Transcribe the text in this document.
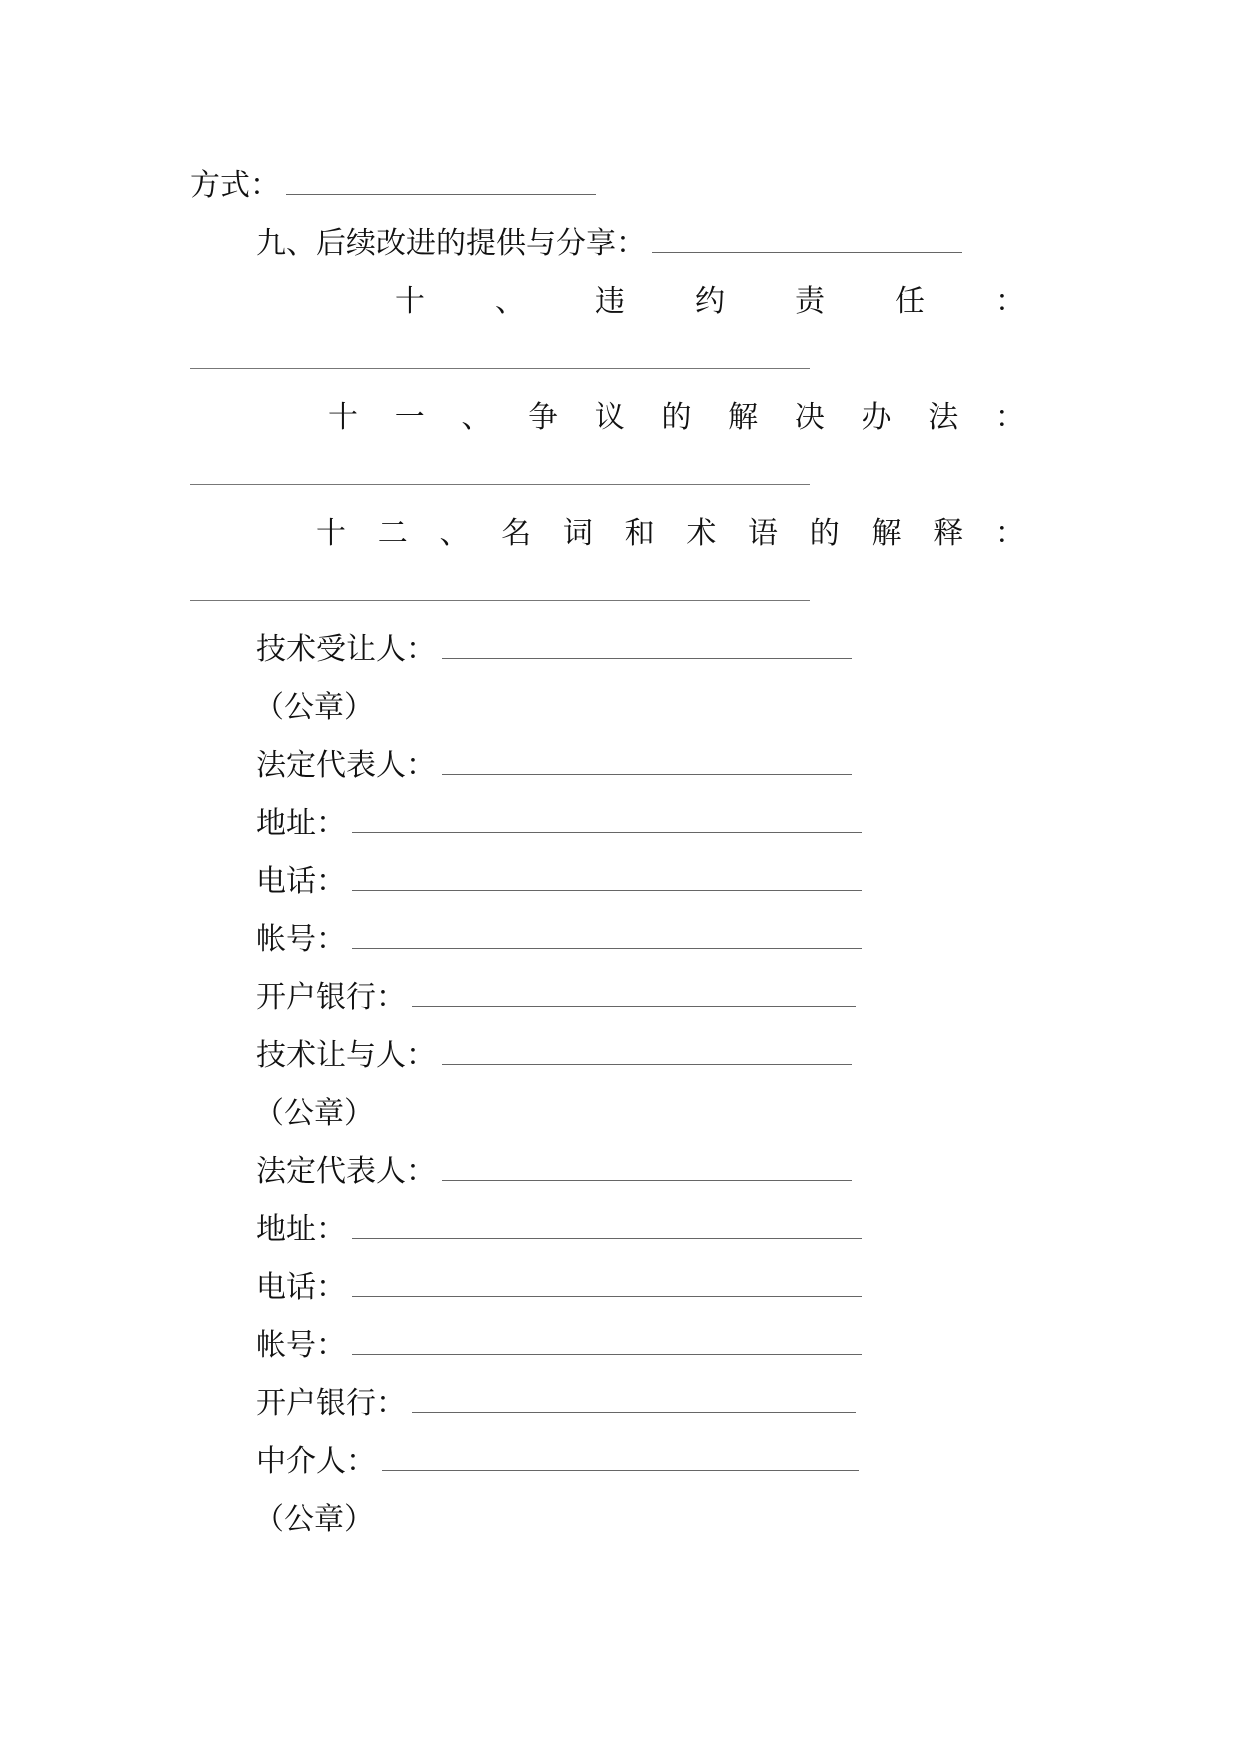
方式：
九、后续改进的提供与分享：
十 、 违 约 责 任 ：
十 一 、 争 议 的 解 决 办 法 ：
十 二 、 名 词 和 术 语 的 解 释 ：
技术受让人：
（公章）
法定代表人：
地址：
电话：
帐号：
开户银行：
技术让与人：
（公章）
法定代表人：
地址：
电话：
帐号：
开户银行：
中介人：
（公章）
